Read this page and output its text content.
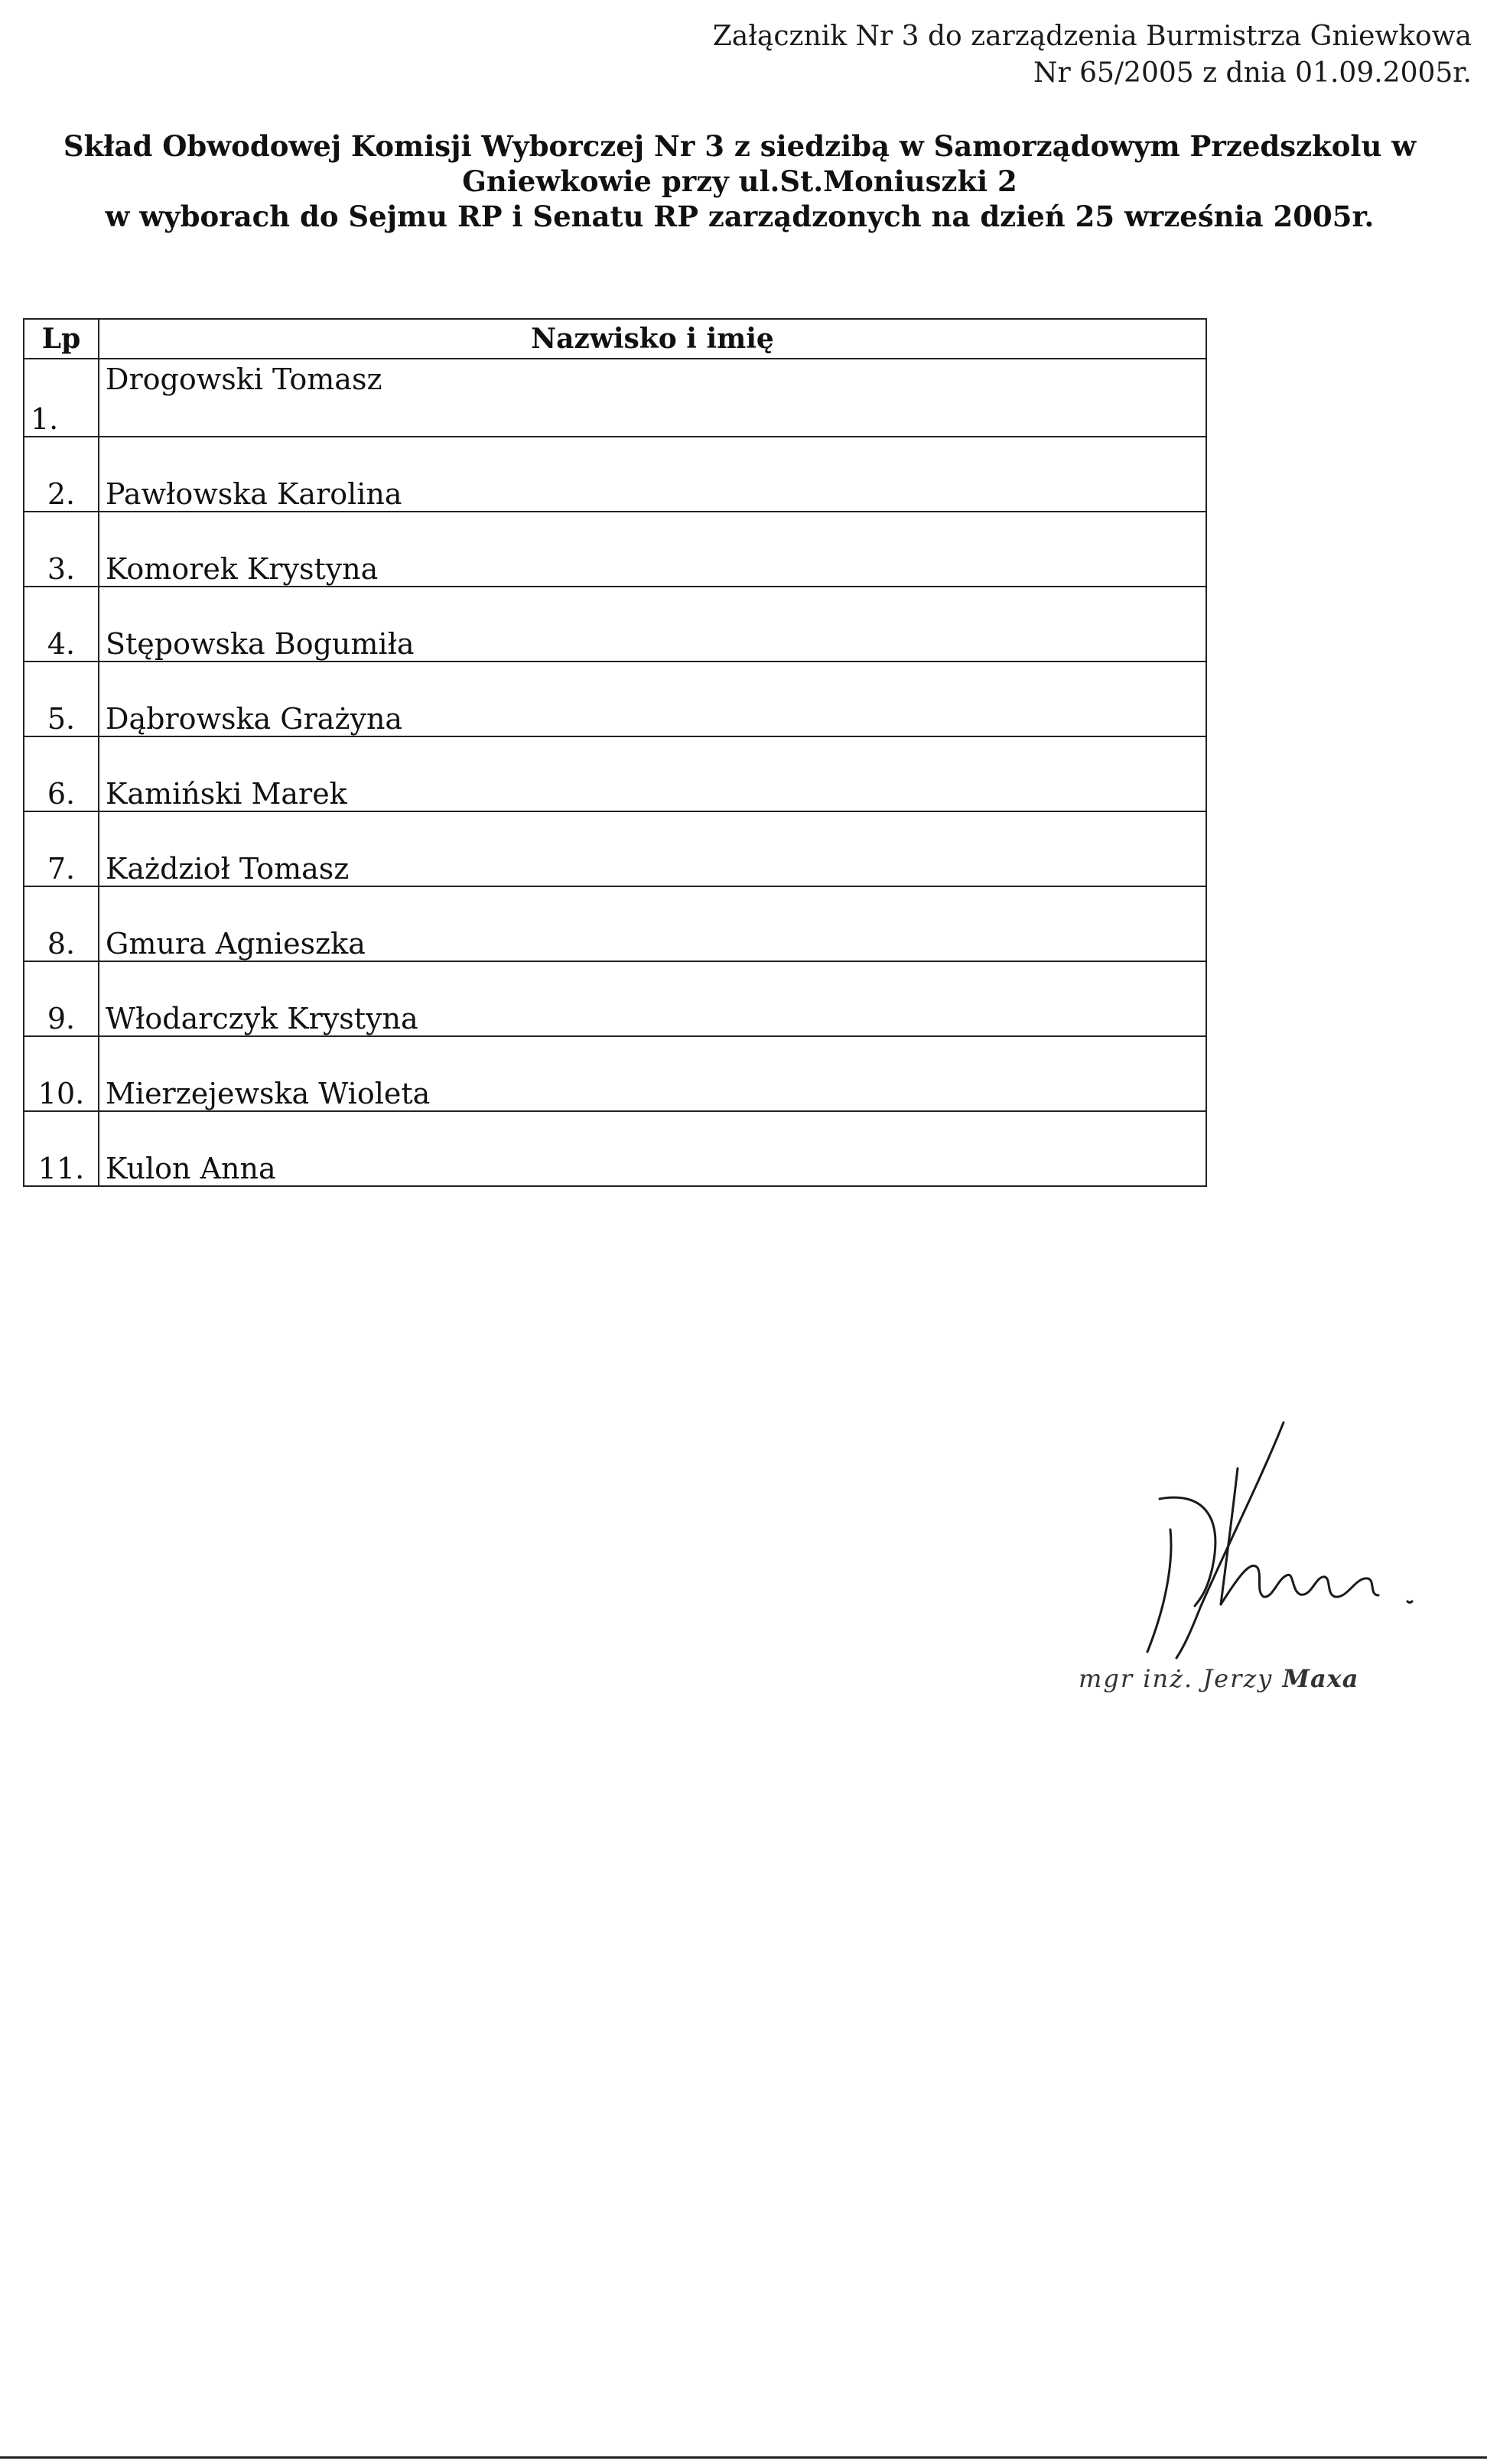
Załącznik Nr 3 do zarządzenia Burmistrza Gniewkowa
Nr 65/2005 z dnia 01.09.2005r.
Skład Obwodowej Komisji Wyborczej Nr 3 z siedzibą w Samorządowym Przedszkolu w
Gniewkowie przy ul.St.Moniuszki 2
w wyborach do Sejmu RP i Senatu RP zarządzonych na dzień 25 września 2005r.
Lp	Nazwisko i imię
1.	Drogowski Tomasz
2.	Pawłowska Karolina
3.	Komorek Krystyna
4.	Stępowska Bogumiła
5.	Dąbrowska Grażyna
6.	Kamiński Marek
7.	Każdzioł Tomasz
8.	Gmura Agnieszka
9.	Włodarczyk Krystyna
10.	Mierzejewska Wioleta
11.	Kulon Anna
mgr inż. Jerzy Maxa
